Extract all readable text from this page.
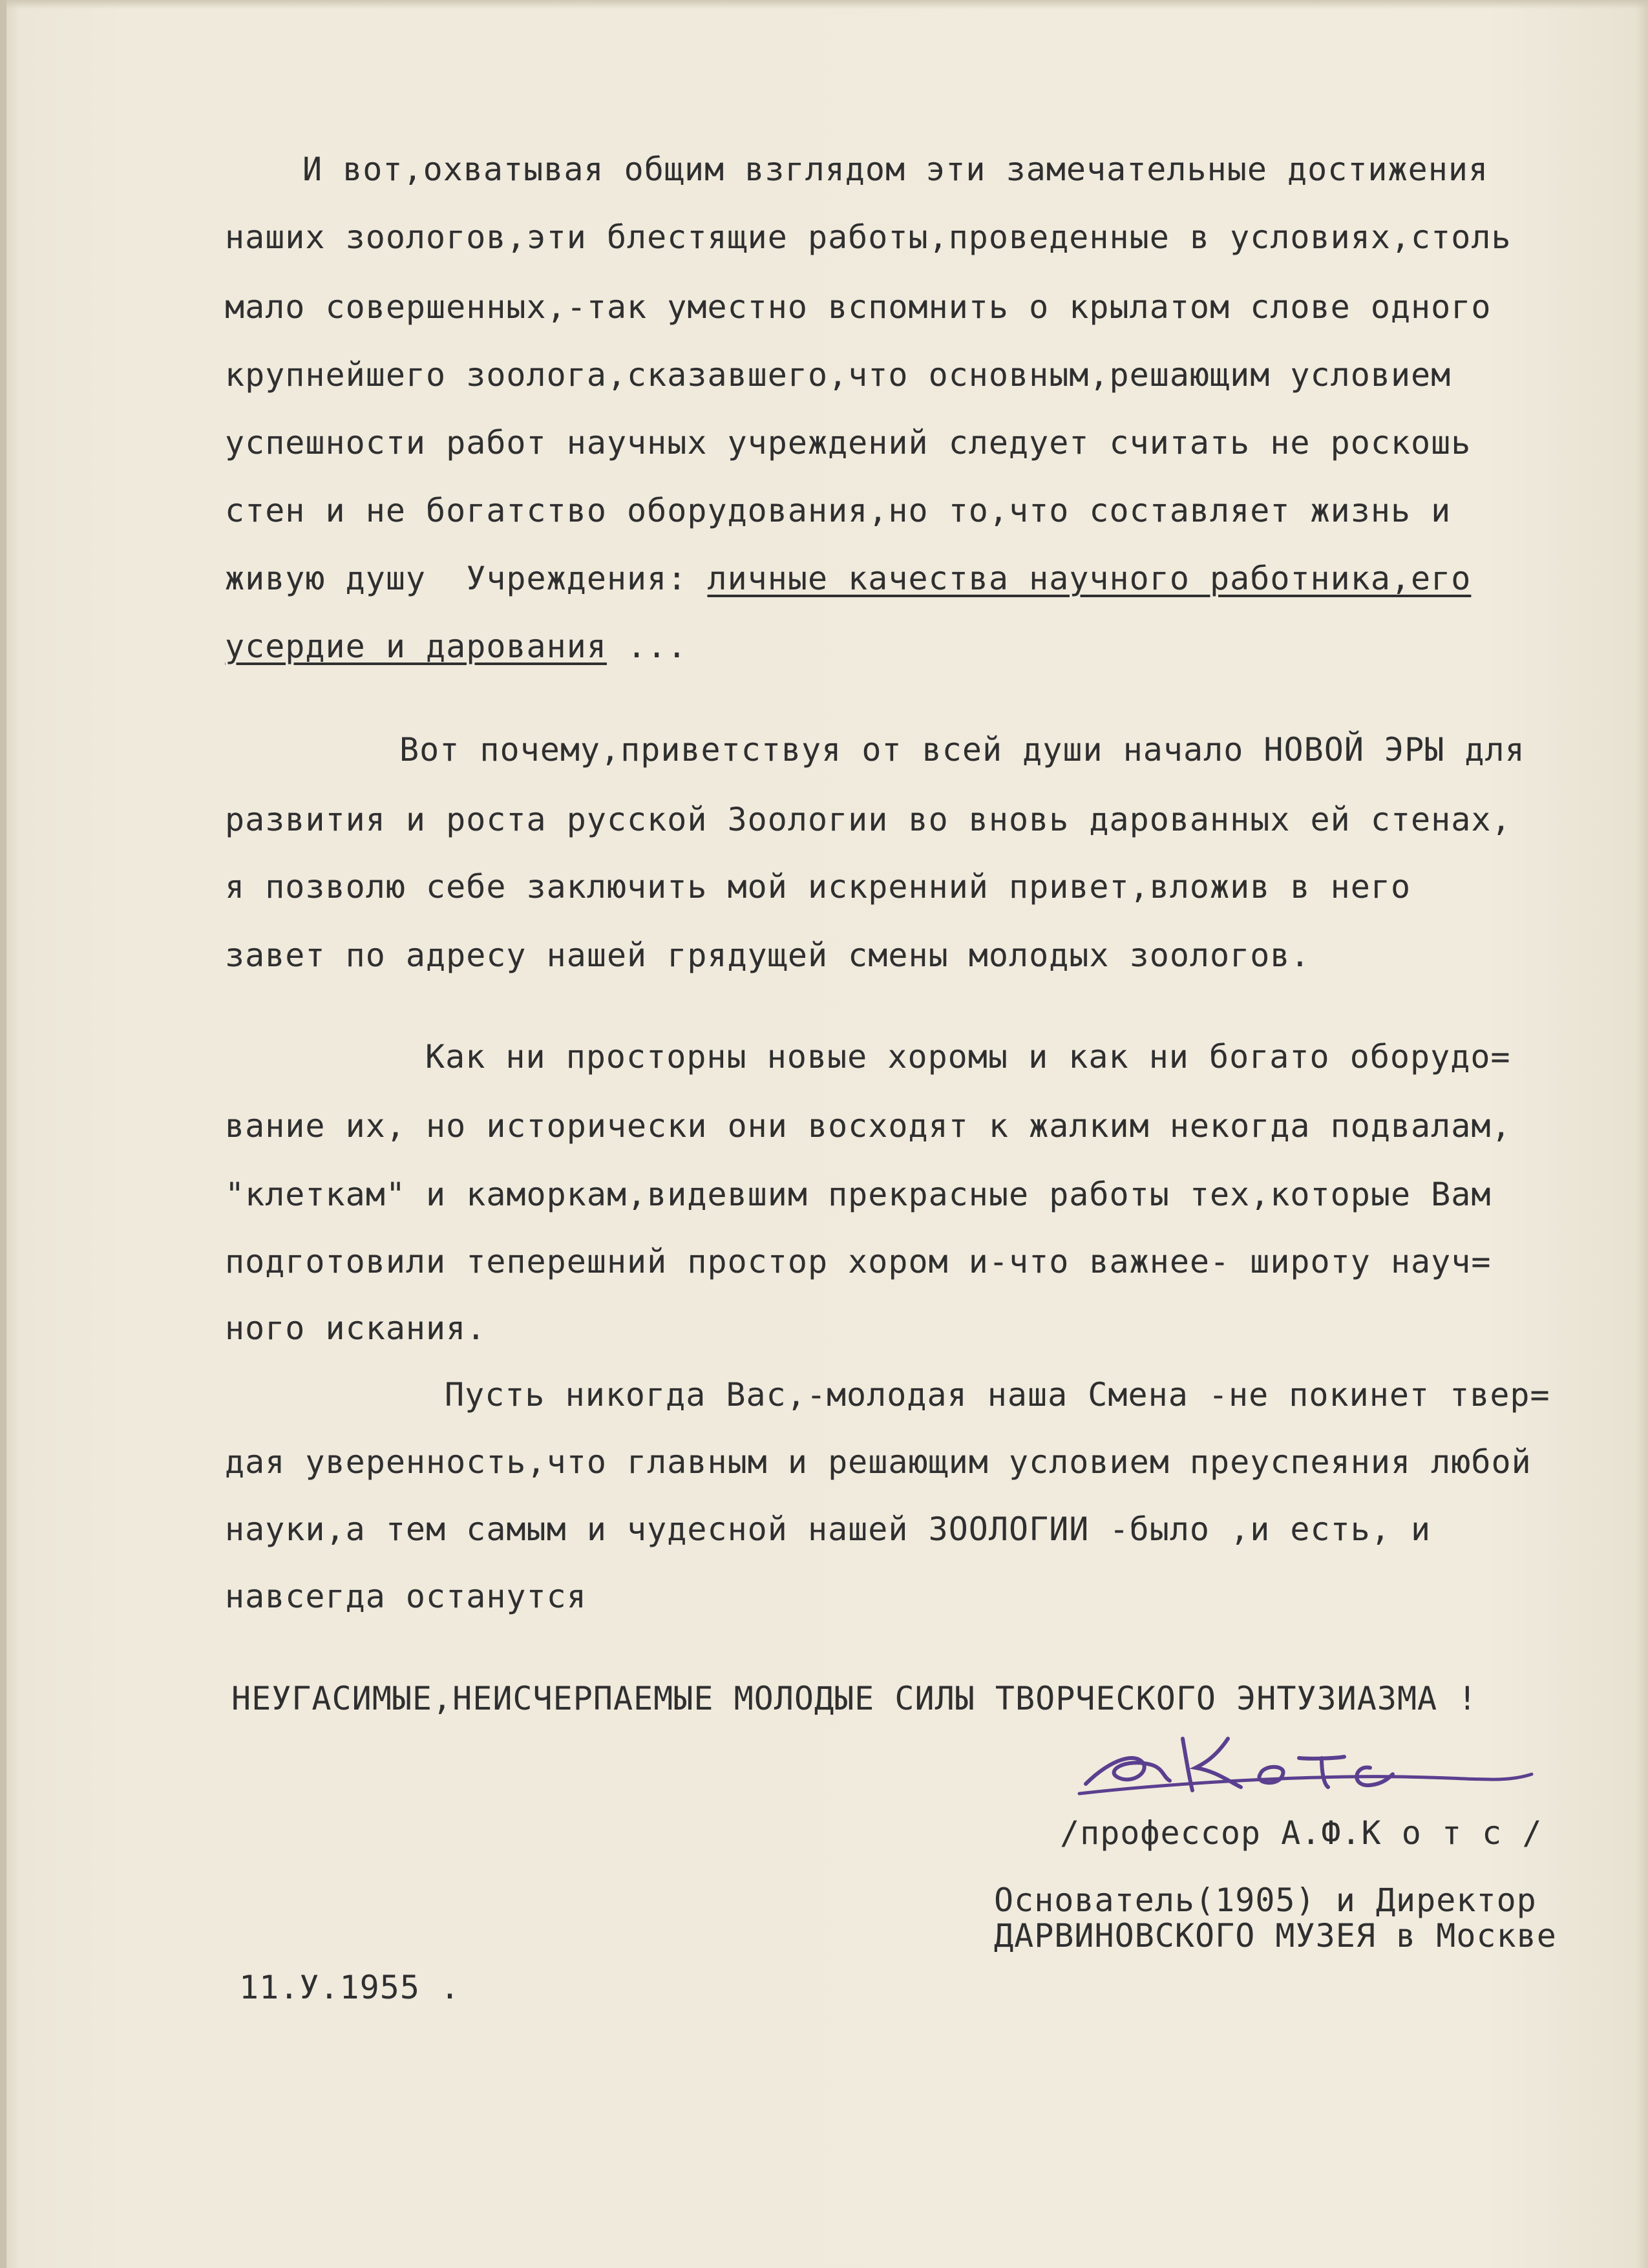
И вот,охватывая общим взглядом эти замечательные достижения
наших зоологов,эти блестящие работы,проведенные в условиях,столь
мало совершенных,-так уместно вспомнить о крылатом слове одного
крупнейшего зоолога,сказавшего,что основным,решающим условием
успешности работ научных учреждений следует считать не роскошь
стен и не богатство оборудования,но то,что составляет жизнь и
живую душу  Учреждения: личные качества научного работника,его
усердие и дарования ...
Вот почему,приветствуя от всей души начало НОВОЙ ЭРЫ для
развития и роста русской Зоологии во вновь дарованных ей стенах,
я позволю себе заключить мой искренний привет,вложив в него
завет по адресу нашей грядущей смены молодых зоологов.
Как ни просторны новые хоромы и как ни богато оборудо=
вание их, но исторически они восходят к жалким некогда подвалам,
"клеткам" и каморкам,видевшим прекрасные работы тех,которые Вам
подготовили теперешний простор хором и-что важнее- широту науч=
ного искания.
Пусть никогда Вас,-молодая наша Смена -не покинет твер=
дая уверенность,что главным и решающим условием преуспеяния любой
науки,а тем самым и чудесной нашей ЗООЛОГИИ -было ,и есть, и
навсегда останутся
НЕУГАСИМЫЕ,НЕИСЧЕРПАЕМЫЕ МОЛОДЫЕ СИЛЫ ТВОРЧЕСКОГО ЭНТУЗИАЗМА !
/профессор А.Ф.К о т с /
Основатель(1905) и Директор
ДАРВИНОВСКОГО МУЗЕЯ в Москве
11.У.1955 .
